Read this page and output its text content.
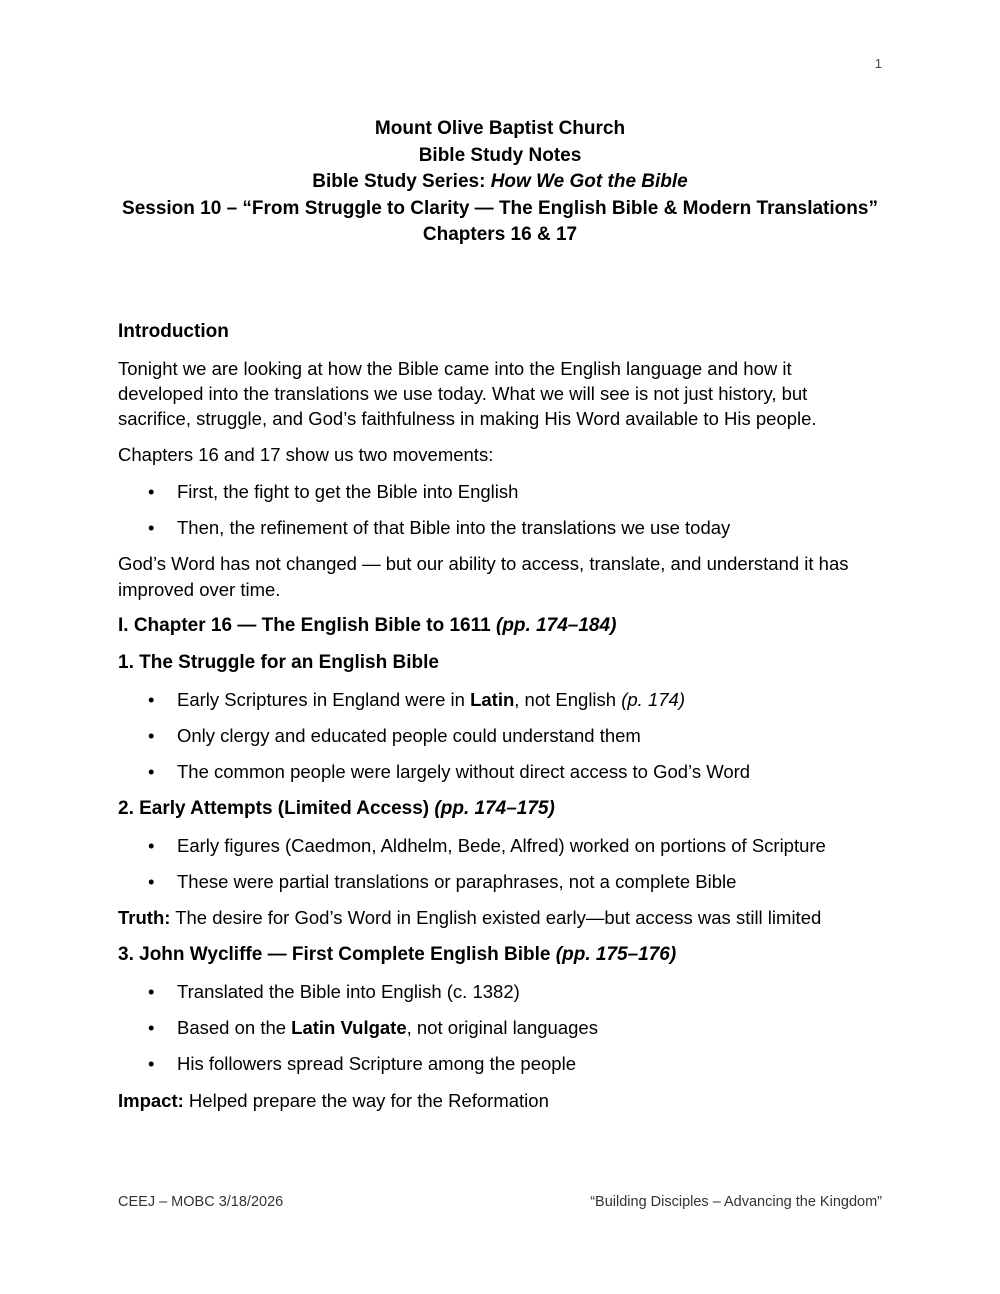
1

Mount Olive Baptist Church

Bible Study Notes

Bible Study Series: How We Got the Bible

Session 10 – “From Struggle to Clarity — The English Bible & Modern Translations”

Chapters 16 & 17

Introduction

Tonight we are looking at how the Bible came into the English language and how it developed into the translations we use today. What we will see is not just history, but sacrifice, struggle, and God’s faithfulness in making His Word available to His people.

Chapters 16 and 17 show us two movements:

• First, the fight to get the Bible into English
• Then, the refinement of that Bible into the translations we use today

God’s Word has not changed — but our ability to access, translate, and understand it has improved over time.

I. Chapter 16 — The English Bible to 1611 (pp. 174–184)

1. The Struggle for an English Bible

• Early Scriptures in England were in Latin, not English (p. 174)
• Only clergy and educated people could understand them
• The common people were largely without direct access to God’s Word

2. Early Attempts (Limited Access) (pp. 174–175)

• Early figures (Caedmon, Aldhelm, Bede, Alfred) worked on portions of Scripture
• These were partial translations or paraphrases, not a complete Bible

Truth: The desire for God’s Word in English existed early—but access was still limited

3. John Wycliffe — First Complete English Bible (pp. 175–176)

• Translated the Bible into English (c. 1382)
• Based on the Latin Vulgate, not original languages
• His followers spread Scripture among the people

Impact: Helped prepare the way for the Reformation

CEEJ – MOBC 3/18/2026	“Building Disciples – Advancing the Kingdom”
